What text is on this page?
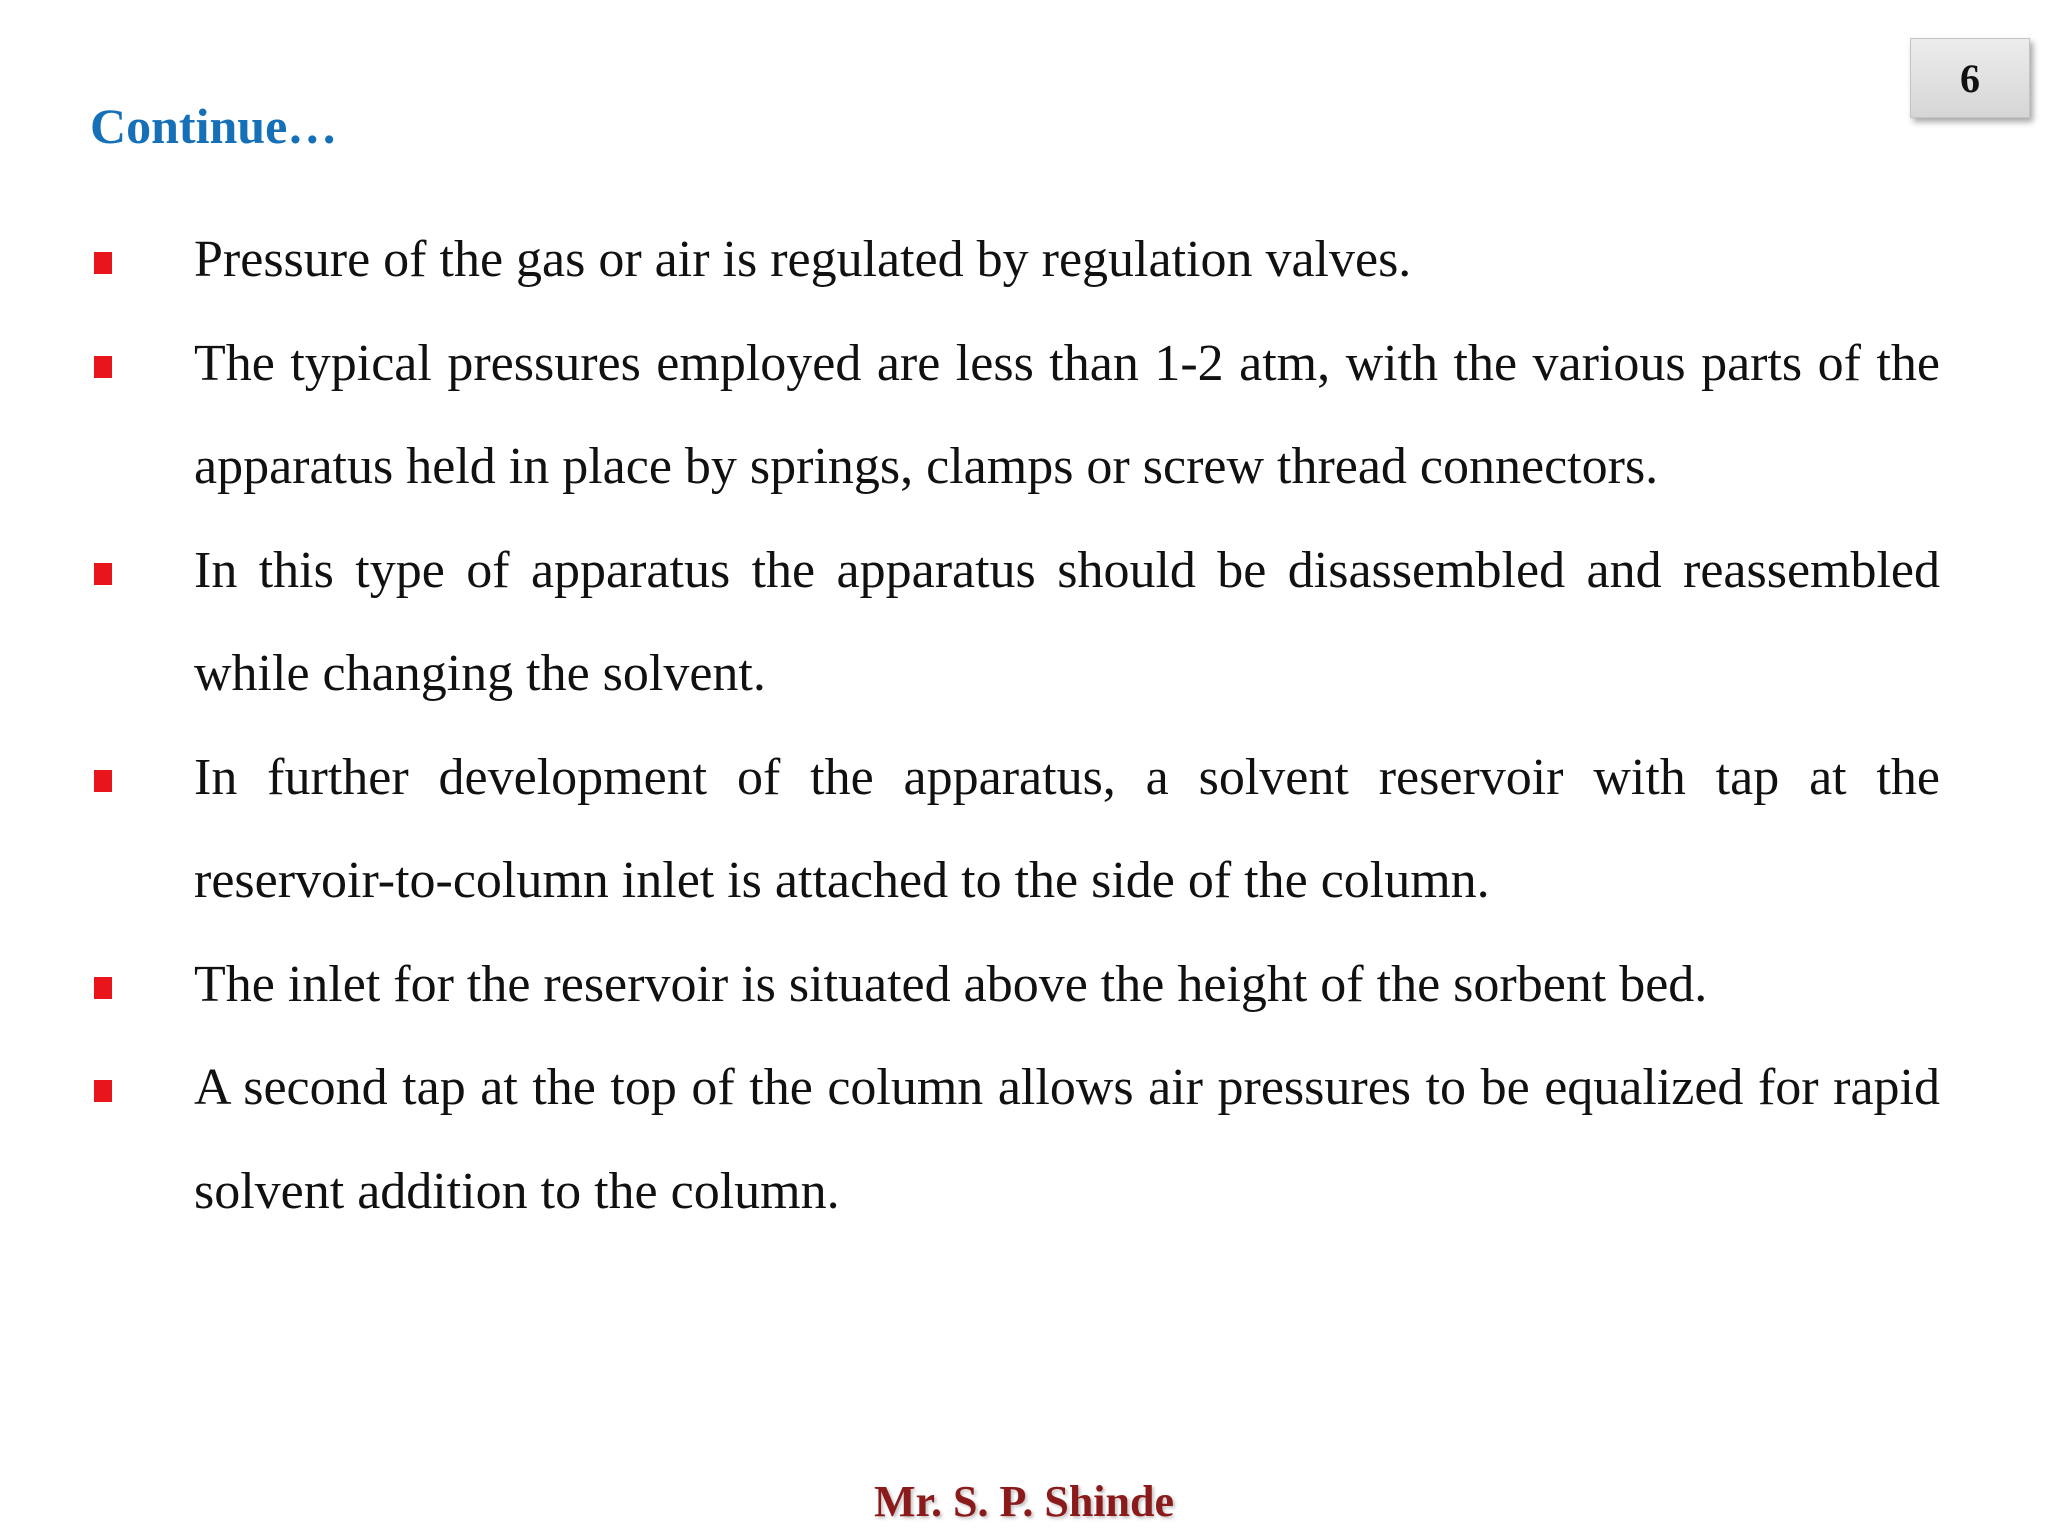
Continue…
6
Pressure of the gas or air is regulated by regulation valves.
The typical pressures employed are less than 1-2 atm, with the various parts of the apparatus held in place by springs, clamps or screw thread connectors.
In this type of apparatus the apparatus should be disassembled and reassembled while changing the solvent.
In further development of the apparatus, a solvent reservoir with tap at the reservoir-to-column inlet is attached to the side of the column.
The inlet for the reservoir is situated above the height of the sorbent bed.
A second tap at the top of the column allows air pressures to be equalized for rapid solvent addition to the column.
Mr. S. P. Shinde
